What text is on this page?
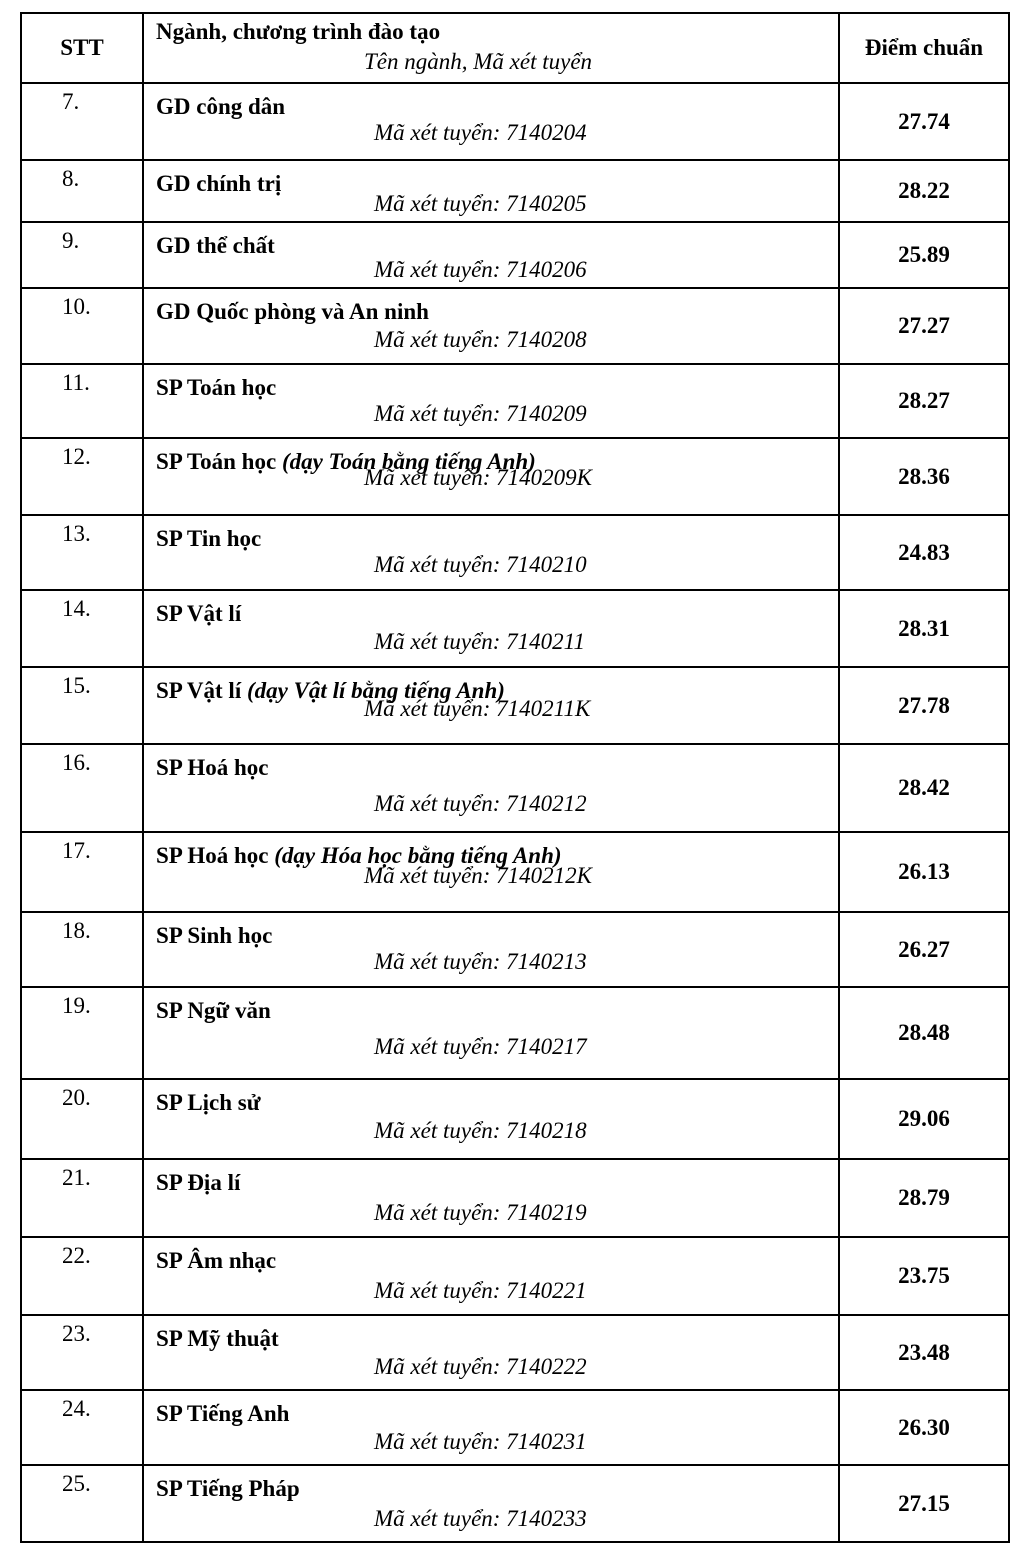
STT	Ngành, chương trình đào tạo
Tên ngành, Mã xét tuyển	Điểm chuẩn

7.	GD công dân
Mã xét tuyển: 7140204	27.74

8.	GD chính trị
Mã xét tuyển: 7140205	28.22

9.	GD thể chất
Mã xét tuyển: 7140206	25.89

10.	GD Quốc phòng và An ninh
Mã xét tuyển: 7140208	27.27

11.	SP Toán học
Mã xét tuyển: 7140209	28.27

12.	SP Toán học (dạy Toán bằng tiếng Anh)
Mã xét tuyển: 7140209K	28.36

13.	SP Tin học
Mã xét tuyển: 7140210	24.83

14.	SP Vật lí
Mã xét tuyển: 7140211	28.31

15.	SP Vật lí (dạy Vật lí bằng tiếng Anh)
Mã xét tuyển: 7140211K	27.78

16.	SP Hoá học
Mã xét tuyển: 7140212	28.42

17.	SP Hoá học (dạy Hóa học bằng tiếng Anh)
Mã xét tuyển: 7140212K	26.13

18.	SP Sinh học
Mã xét tuyển: 7140213	26.27

19.	SP Ngữ văn
Mã xét tuyển: 7140217	28.48

20.	SP Lịch sử
Mã xét tuyển: 7140218	29.06

21.	SP Địa lí
Mã xét tuyển: 7140219	28.79

22.	SP Âm nhạc
Mã xét tuyển: 7140221	23.75

23.	SP Mỹ thuật
Mã xét tuyển: 7140222	23.48

24.	SP Tiếng Anh
Mã xét tuyển: 7140231	26.30

25.	SP Tiếng Pháp
Mã xét tuyển: 7140233	27.15
